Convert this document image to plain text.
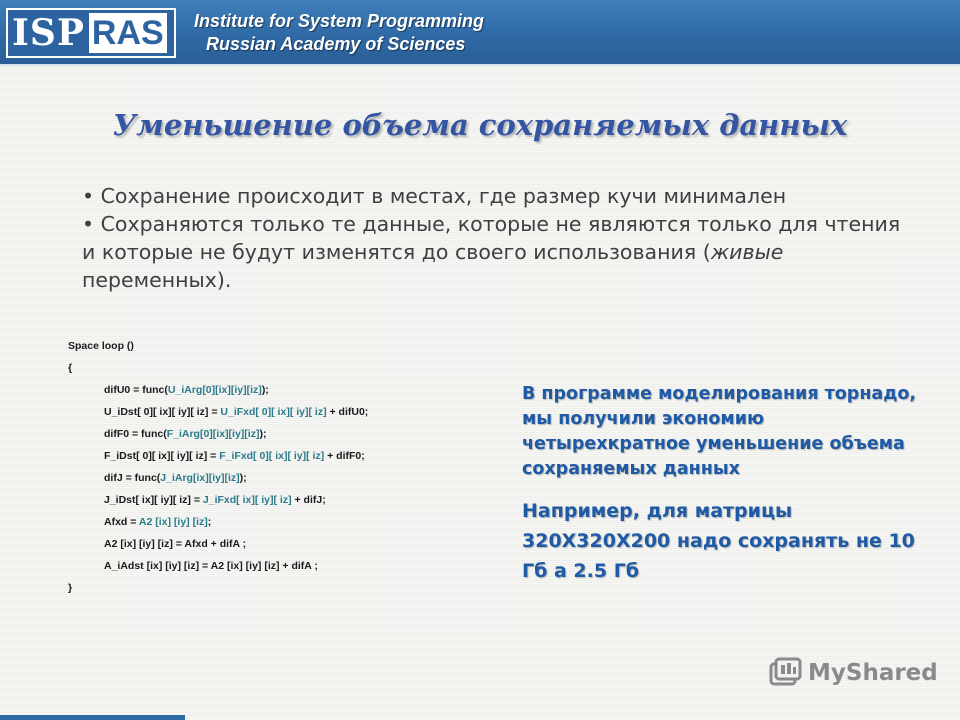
ISP RAS Institute for System Programming
Russian Academy of Sciences
Уменьшение объема сохраняемых данных
• Сохранение происходит в местах, где размер кучи минимален
• Сохраняются только те данные, которые не являются только для чтения и которые не будут изменятся до своего использования (живые переменных).
Space loop ()
{
difU0 = func(U_iArg[0][ix][iy][iz]);
U_iDst[ 0][ ix][ iy][ iz] = U_iFxd[ 0][ ix][ iy][ iz] + difU0;
difF0 = func(F_iArg[0][ix][iy][iz]);
F_iDst[ 0][ ix][ iy][ iz] = F_iFxd[ 0][ ix][ iy][ iz] + difF0;
difJ = func(J_iArg[ix][iy][iz]);
J_iDst[ ix][ iy][ iz] = J_iFxd[ ix][ iy][ iz] + difJ;
Afxd = A2 [ix] [iy] [iz];
A2 [ix] [iy] [iz] = Afxd + difA ;
A_iAdst [ix] [iy] [iz] = A2 [ix] [iy] [iz] + difA ;
}

В программе моделирования торнадо, мы получили экономию четырехкратное уменьшение объема сохраняемых данных

Например, для матрицы 320X320X200 надо сохранять не 10 Гб а 2.5 Гб

MyShared
